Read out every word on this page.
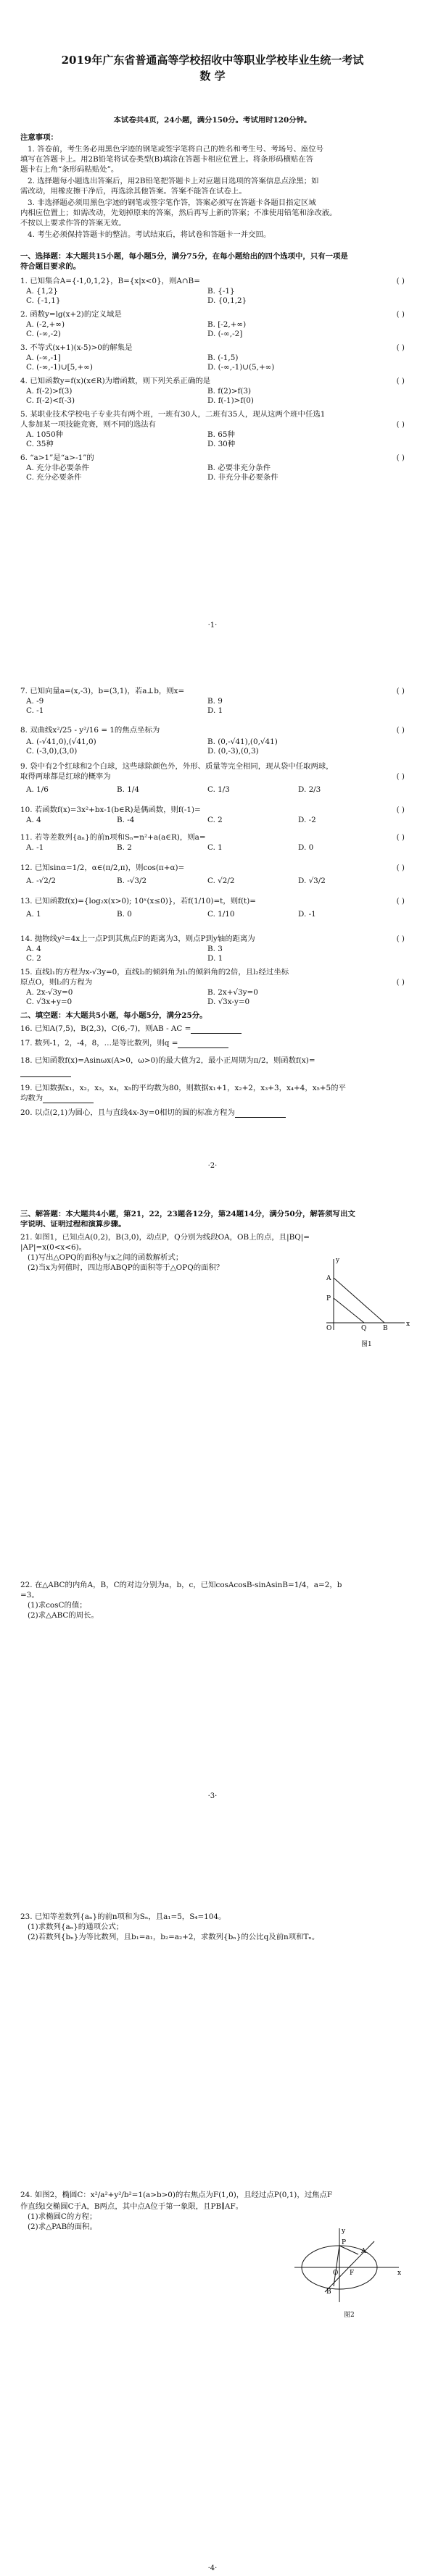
2019年广东省普通高等学校招收中等职业学校毕业生统一考试
数 学
本试卷共4页，24小题，满分150分。考试用时120分钟。
注意事项：
1. 答卷前，考生务必用黑色字迹的钢笔或签字笔将自己的姓名和考生号、考场号、座位号
填写在答题卡上。用2B铅笔将试卷类型(B)填涂在答题卡相应位置上。将条形码横贴在答
题卡右上角“条形码粘贴处”。
2. 选择题每小题选出答案后，用2B铅笔把答题卡上对应题目选项的答案信息点涂黑；如
需改动，用橡皮擦干净后，再选涂其他答案。答案不能答在试卷上。
3. 非选择题必须用黑色字迹的钢笔或签字笔作答，答案必须写在答题卡各题目指定区域
内相应位置上；如需改动，先划掉原来的答案，然后再写上新的答案；不准使用铅笔和涂改液。
不按以上要求作答的答案无效。
4. 考生必须保持答题卡的整洁。考试结束后，将试卷和答题卡一并交回。
一、选择题：本大题共15小题，每小题5分，满分75分，在每小题给出的四个选项中，只有一项是
符合题目要求的。
1. 已知集合A={-1,0,1,2}，B={x|x<0}，则A∩B=	( )
A. {1,2}	B. {-1}
C. {-1,1}	D. {0,1,2}
2. 函数y=lg(x+2)的定义域是	( )
A. (-2,+∞)	B. [-2,+∞)
C. (-∞,-2)	D. (-∞,-2]
3. 不等式(x+1)(x-5)>0的解集是	( )
A. (-∞,-1]	B. (-1,5)
C. (-∞,-1)∪[5,+∞)	D. (-∞,-1)∪(5,+∞)
4. 已知函数y=f(x)(x∈R)为增函数，则下列关系正确的是	( )
A. f(-2)>f(3)	B. f(2)>f(3)
C. f(-2)<f(-3)	D. f(-1)>f(0)
5. 某职业技术学校电子专业共有两个班，一班有30人，二班有35人，现从这两个班中任选1
人参加某一项技能竞赛，则不同的选法有	( )
A. 1050种	B. 65种
C. 35种	D. 30种
6. “a>1”是“a>-1”的	( )
A. 充分非必要条件	B. 必要非充分条件
C. 充分必要条件	D. 非充分非必要条件
·1·
7. 已知向量a=(x,-3)，b=(3,1)，若a⊥b，则x=	( )
A. -9	B. 9
C. -1	D. 1
8. 双曲线x²/25 - y²/16 = 1的焦点坐标为	( )
A. (-√41,0),(√41,0)	B. (0,-√41),(0,√41)
C. (-3,0),(3,0)	D. (0,-3),(0,3)
9. 袋中有2个红球和2个白球，这些球除颜色外，外形、质量等完全相同，现从袋中任取两球，
取得两球都是红球的概率为	( )
A. 1/6	B. 1/4	C. 1/3	D. 2/3
10. 若函数f(x)=3x²+bx-1(b∈R)是偶函数，则f(-1)=	( )
A. 4	B. -4	C. 2	D. -2
11. 若等差数列{aₙ}的前n项和Sₙ=n²+a(a∈R)，则a=	( )
A. -1	B. 2	C. 1	D. 0
12. 已知sinα=1/2，α∈(π/2,π)，则cos(π+α)=	( )
A. -√2/2	B. -√3/2	C. √2/2	D. √3/2
13. 已知函数f(x)={log₂x(x>0); 10ˣ(x≤0)}，若f(1/10)=t，则f(t)=	( )
A. 1	B. 0	C. 1/10	D. -1
14. 抛物线y²=4x上一点P到其焦点F的距离为3，则点P到y轴的距离为	( )
A. 4	B. 3
C. 2	D. 1
15. 直线l₁的方程为x-√3y=0，直线l₂的倾斜角为l₁的倾斜角的2倍，且l₂经过坐标
原点O，则l₂的方程为	( )
A. 2x-√3y=0	B. 2x+√3y=0
C. √3x+y=0	D. √3x-y=0
二、填空题：本大题共5小题，每小题5分，满分25分。
16. 已知A(7,5)，B(2,3)，C(6,-7)，则AB - AC =
17. 数列-1，2，-4，8，…是等比数列，则q =
18. 已知函数f(x)=Asinωx(A>0，ω>0)的最大值为2，最小正周期为π/2，则函数f(x)=
19. 已知数据x₁，x₂，x₃，x₄，x₅的平均数为80，则数据x₁+1，x₂+2，x₃+3，x₄+4，x₅+5的平
均数为
20. 以点(2,1)为圆心，且与直线4x-3y=0相切的圆的标准方程为
·2·
三、解答题：本大题共4小题，第21，22，23题各12分，第24题14分，满分50分，解答须写出文
字说明、证明过程和演算步骤。
21. 如图1，已知点A(0,2)，B(3,0)，动点P，Q分别为线段OA，OB上的点，且|BQ|=
|AP|=x(0<x<6)。
(1)写出△OPQ的面积y与x之间的函数解析式；
(2)当x为何值时，四边形ABQP的面积等于△OPQ的面积？
y
x
O
A
P
Q	B
图1
22. 在△ABC的内角A，B，C的对边分别为a，b，c，已知cosAcosB-sinAsinB=1/4，a=2，b
=3。
(1)求cosC的值；
(2)求△ABC的周长。
·3·
23. 已知等差数列{aₙ}的前n项和为Sₙ，且a₁=5，S₄=104。
(1)求数列{aₙ}的通项公式；
(2)若数列{bₙ}为等比数列，且b₁=a₁，b₂=a₂+2，求数列{bₙ}的公比q及前n项和Tₙ。
24. 如图2，椭圆C：x²/a²+y²/b²=1(a>b>0)的右焦点为F(1,0)，且经过点P(0,1)，过焦点F
作直线l交椭圆C于A，B两点，其中点A位于第一象限，且PB∥AF。
(1)求椭圆C的方程；
(2)求△PAB的面积。	y
x
O
P
A
F
B
图2
·4·
